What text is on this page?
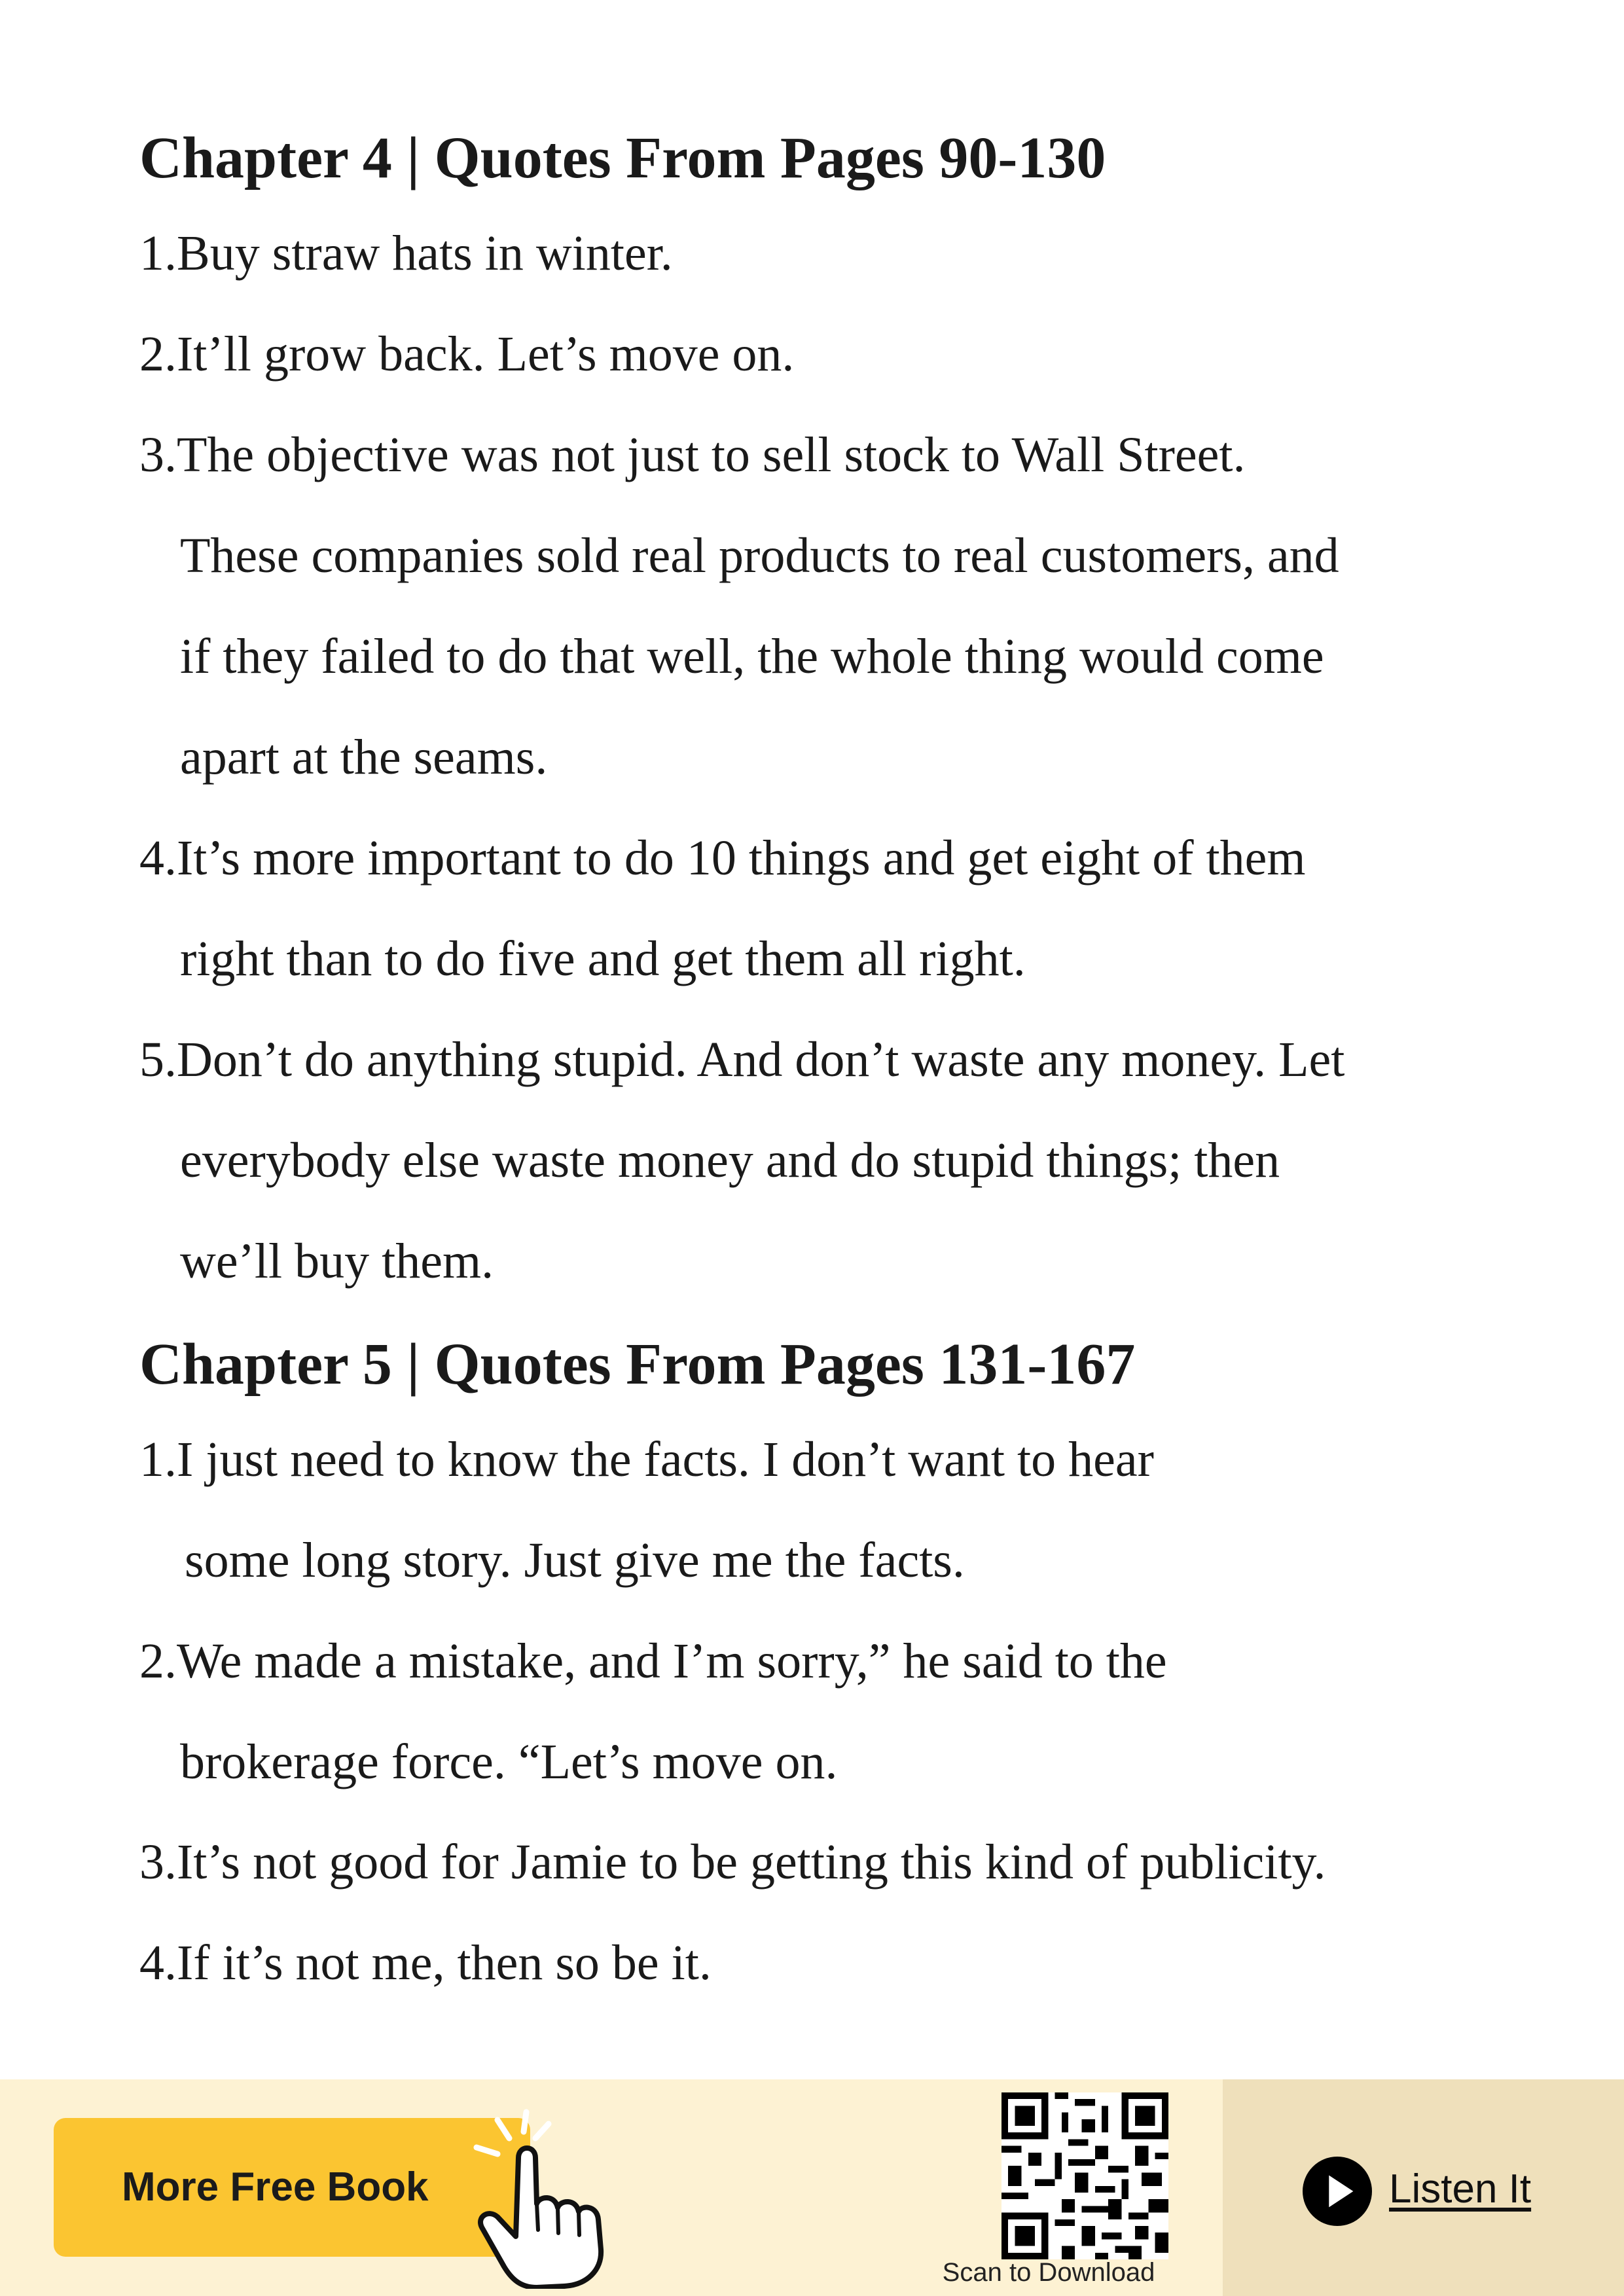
Chapter 4 | Quotes From Pages 90-130

1.Buy straw hats in winter.

2.It’ll grow back. Let’s move on.

3.The objective was not just to sell stock to Wall Street.

These companies sold real products to real customers, and

if they failed to do that well, the whole thing would come

apart at the seams.

4.It’s more important to do 10 things and get eight of them

right than to do five and get them all right.

5.Don’t do anything stupid. And don’t waste any money. Let

everybody else waste money and do stupid things; then

we’ll buy them.

Chapter 5 | Quotes From Pages 131-167

1.I just need to know the facts. I don’t want to hear

some long story. Just give me the facts.

2.We made a mistake, and I’m sorry,” he said to the

brokerage force. “Let’s move on.

3.It’s not good for Jamie to be getting this kind of publicity.

4.If it’s not me, then so be it.

More Free Book
Scan to Download
Listen It
